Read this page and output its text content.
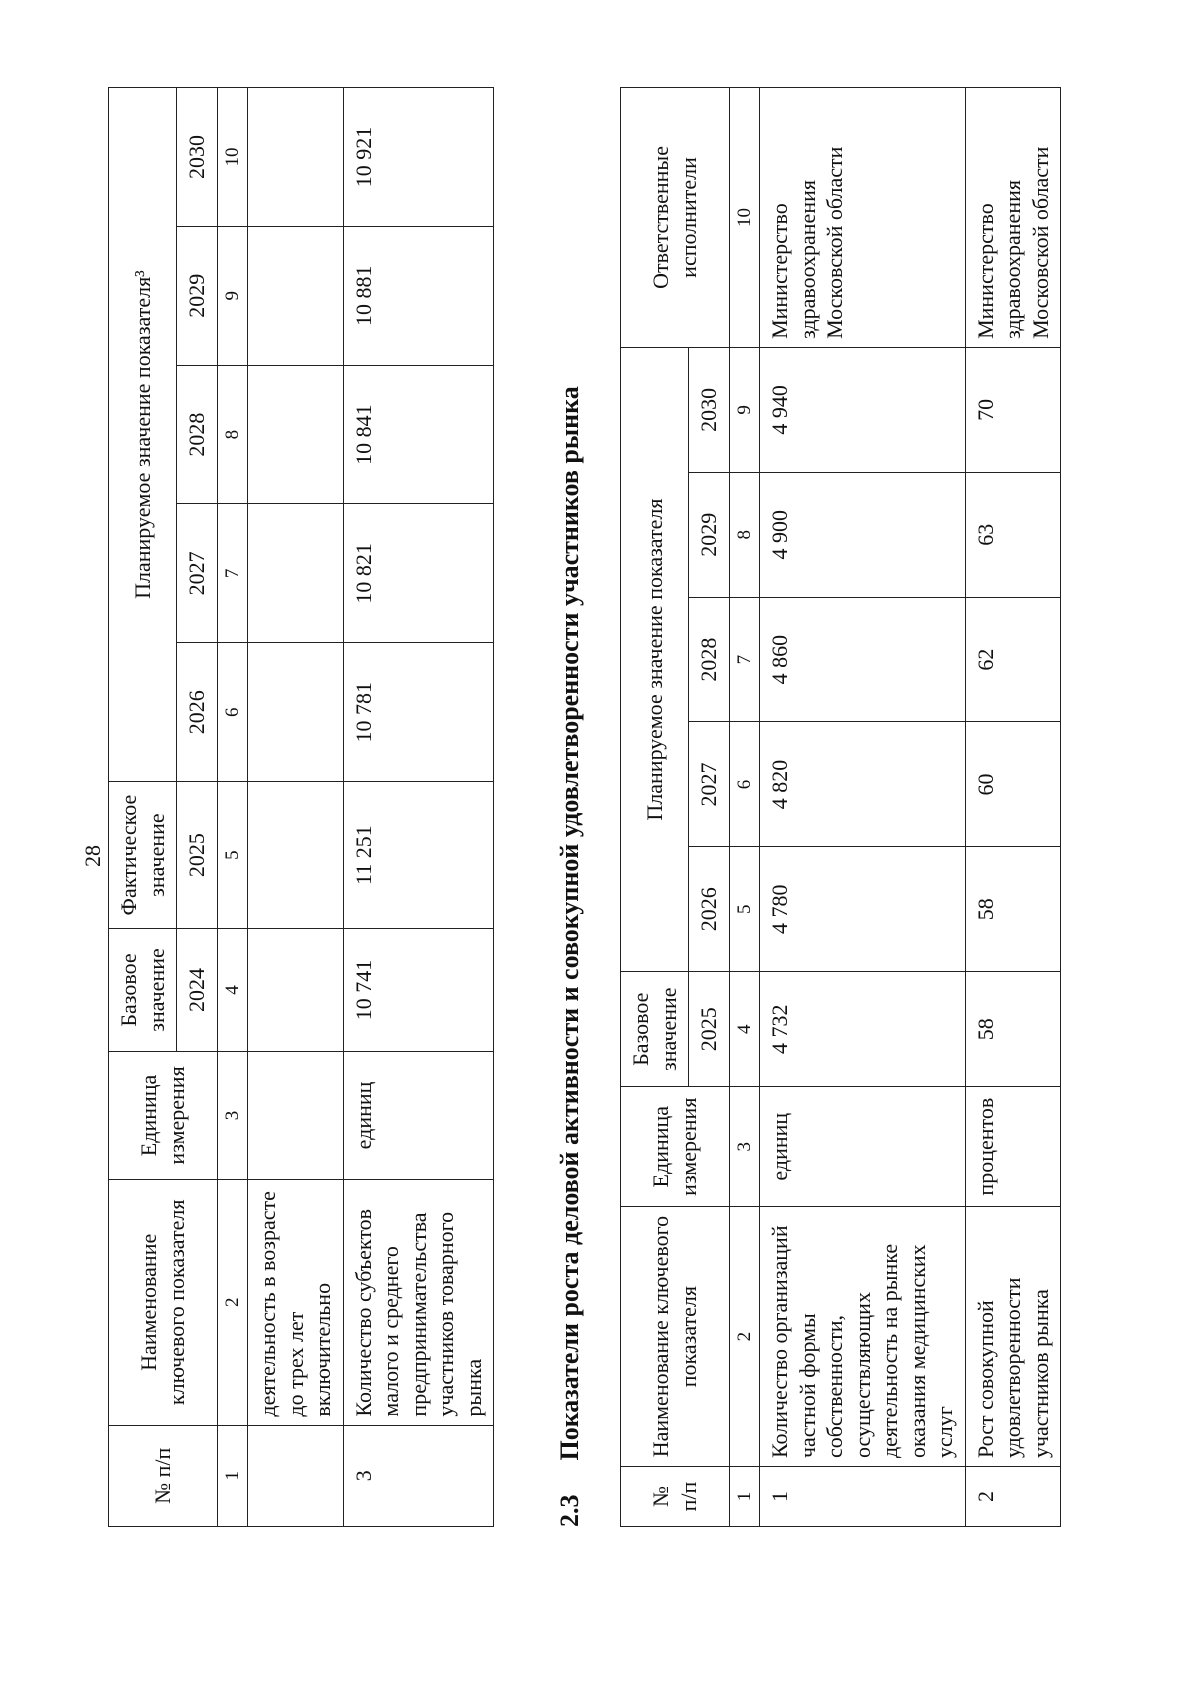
28
№ п/п	Наименование ключевого показателя	Единица измерения	Базовое значение	Фактическое значение	Планируемое значение показателя³				
			2024	2025	2026	2027	2028	2029	2030
1	2	3	4	5	6	7	8	9	10
	деятельность в возрасте до трех лет включительно								
3	Количество субъектов малого и среднего предпринимательства участников товарного рынка	единиц	10 741	11 251	10 781	10 821	10 841	10 881	10 921
2.3Показатели роста деловой активности и совокупной удовлетворенности участников рынка
№ п/п	Наименование ключевого показателя	Единица измерения	Базовое значение	Планируемое значение показателя					Ответственные исполнители
			2025	2026	2027	2028	2029	2030	
1	2	3	4	5	6	7	8	9	10
1	Количество организаций частной формы собственности, осуществляющих деятельность на рынке оказания медицинских услуг	единиц	4 732	4 780	4 820	4 860	4 900	4 940	Министерство здравоохранения Московской области
2	Рост совокупной удовлетворенности участников рынка	процентов	58	58	60	62	63	70	Министерство здравоохранения Московской области
